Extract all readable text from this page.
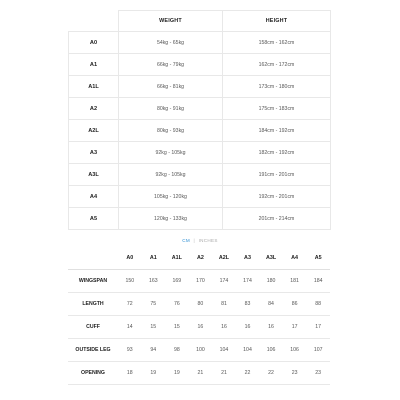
	WEIGHT	HEIGHT
A0	54kg - 65kg	158cm - 162cm
A1	66kg - 79kg	162cm - 172cm
A1L	66kg - 81kg	173cm - 180cm
A2	80kg - 91kg	175cm - 183cm
A2L	80kg - 93kg	184cm - 192cm
A3	92kg - 105kg	182cm - 192cm
A3L	92kg - 105kg	191cm - 201cm
A4	105kg - 120kg	192cm - 201cm
A5	120kg - 133kg	201cm - 214cm
CM | INCHES
	A0	A1	A1L	A2	A2L	A3	A3L	A4	A5
WINGSPAN	150	163	169	170	174	174	180	181	184
LENGTH	72	75	76	80	81	83	84	86	88
CUFF	14	15	15	16	16	16	16	17	17
OUTSIDE LEG	93	94	98	100	104	104	106	106	107
OPENING	18	19	19	21	21	22	22	23	23
